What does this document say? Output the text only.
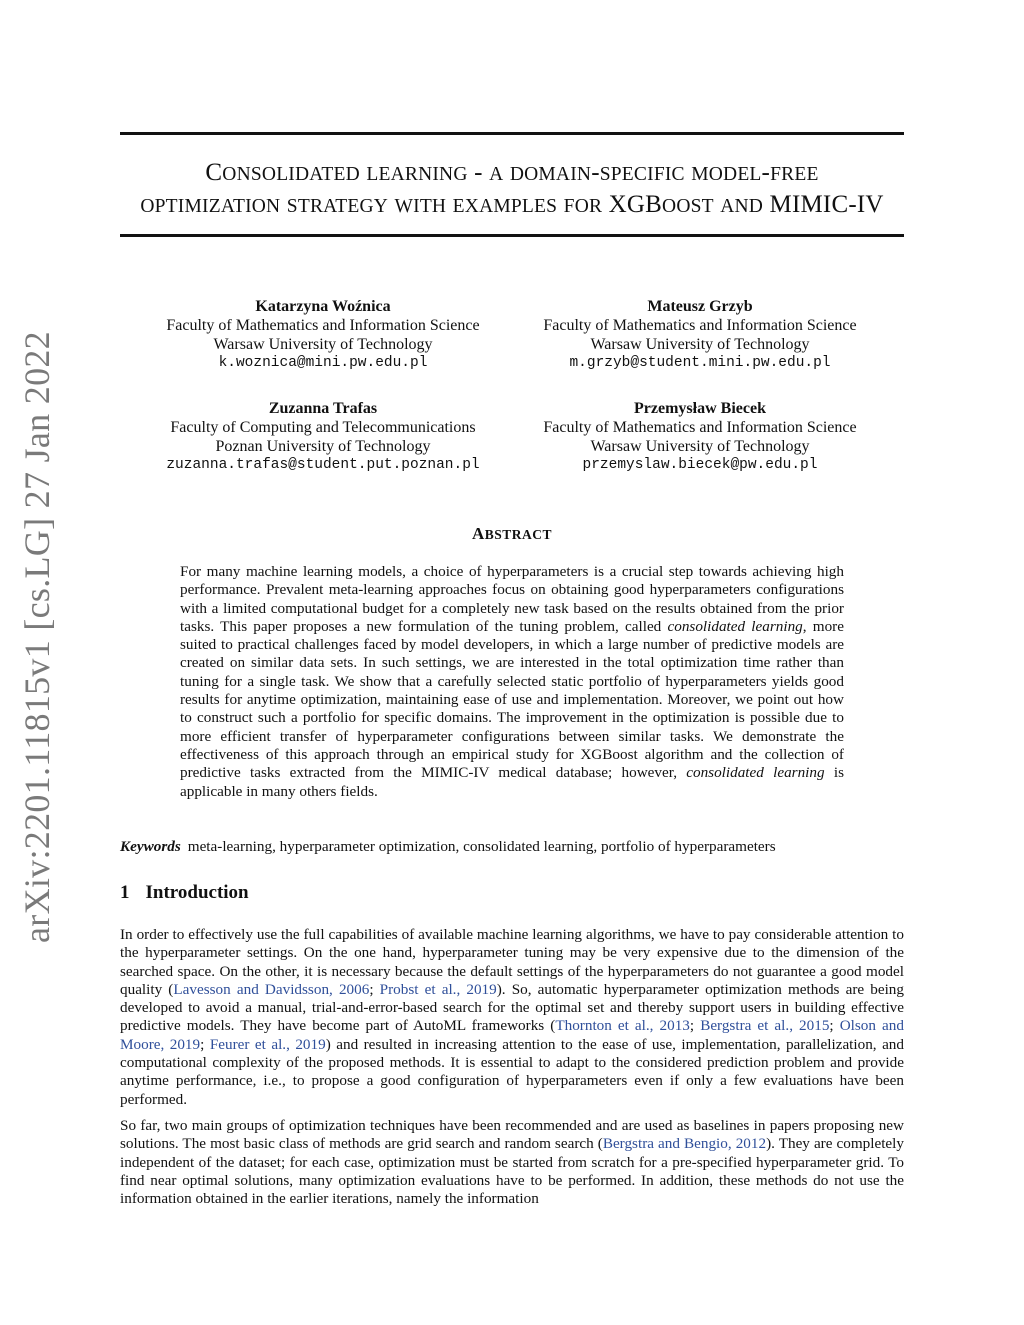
CONSOLIDATED LEARNING - A DOMAIN-SPECIFIC MODEL-FREE
OPTIMIZATION STRATEGY WITH EXAMPLES FOR XGBOOST AND MIMIC-IV
Katarzyna Woźnica
Faculty of Mathematics and Information Science
Warsaw University of Technology
k.woznica@mini.pw.edu.pl
Mateusz Grzyb
Faculty of Mathematics and Information Science
Warsaw University of Technology
m.grzyb@student.mini.pw.edu.pl
Zuzanna Trafas
Faculty of Computing and Telecommunications
Poznan University of Technology
zuzanna.trafas@student.put.poznan.pl
Przemysław Biecek
Faculty of Mathematics and Information Science
Warsaw University of Technology
przemyslaw.biecek@pw.edu.pl
arXiv:2201.11815v1 [cs.LG] 27 Jan 2022	ABSTRACT
For many machine learning models, a choice of hyperparameters is a crucial step towards achieving high performance. Prevalent meta-learning approaches focus on obtaining good hyperparameters configurations with a limited computational budget for a completely new task based on the results obtained from the prior tasks. This paper proposes a new formulation of the tuning problem, called consolidated learning, more suited to practical challenges faced by model developers, in which a large number of predictive models are created on similar data sets. In such settings, we are interested in the total optimization time rather than tuning for a single task. We show that a carefully selected static portfolio of hyperparameters yields good results for anytime optimization, maintaining ease of use and implementation. Moreover, we point out how to construct such a portfolio for specific domains. The improvement in the optimization is possible due to more efficient transfer of hyperparameter configurations between similar tasks. We demonstrate the effectiveness of this approach through an empirical study for XGBoost algorithm and the collection of predictive tasks extracted from the MIMIC-IV medical database; however, consolidated learning is applicable in many others fields.
Keywords meta-learning, hyperparameter optimization, consolidated learning, portfolio of hyperparameters
1 Introduction
In order to effectively use the full capabilities of available machine learning algorithms, we have to pay considerable attention to the hyperparameter settings. On the one hand, hyperparameter tuning may be very expensive due to the dimension of the searched space. On the other, it is necessary because the default settings of the hyperparameters do not guarantee a good model quality (Lavesson and Davidsson, 2006; Probst et al., 2019). So, automatic hyperparameter optimization methods are being developed to avoid a manual, trial-and-error-based search for the optimal set and thereby support users in building effective predictive models. They have become part of AutoML frameworks (Thornton et al., 2013; Bergstra et al., 2015; Olson and Moore, 2019; Feurer et al., 2019) and resulted in increasing attention to the ease of use, implementation, parallelization, and computational complexity of the proposed methods. It is essential to adapt to the considered prediction problem and provide anytime performance, i.e., to propose a good configuration of hyperparameters even if only a few evaluations have been performed.
So far, two main groups of optimization techniques have been recommended and are used as baselines in papers proposing new solutions. The most basic class of methods are grid search and random search (Bergstra and Bengio, 2012). They are completely independent of the dataset; for each case, optimization must be started from scratch for a pre-specified hyperparameter grid. To find near optimal solutions, many optimization evaluations have to be performed. In addition, these methods do not use the information obtained in the earlier iterations, namely the information
